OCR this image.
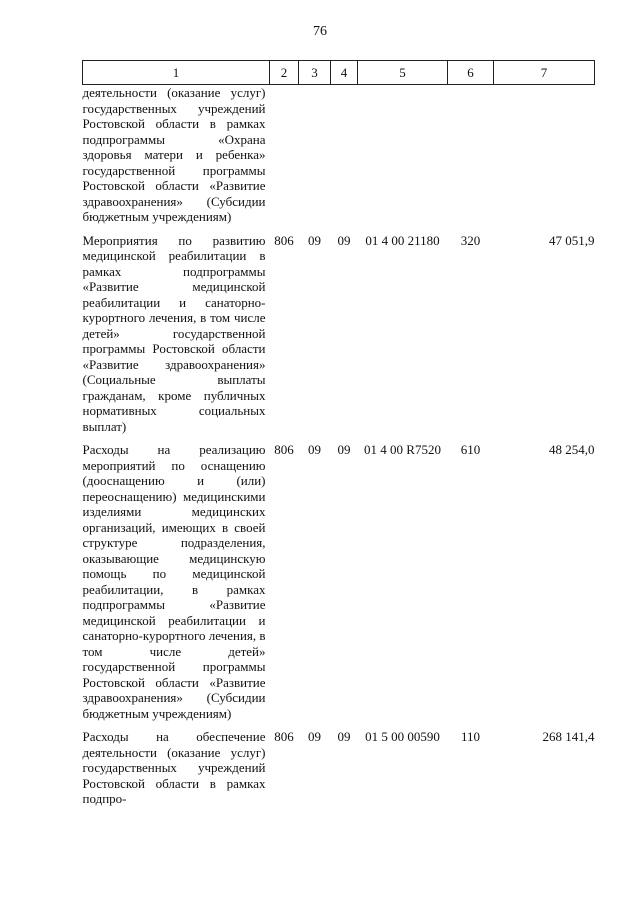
76
1	2	3	4	5	6	7
деятельности (оказание услуг) государственных учреждений Ростовской области в рамках подпрограммы «Охрана здоровья матери и ребенка» государственной программы Ростовской области «Развитие здравоохранения» (Субсидии бюджетным учреждениям)						

Мероприятия по развитию медицинской реабилитации в рамках подпрограммы «Развитие медицинской реабилитации и санаторно-курортного лечения, в том числе детей» государственной программы Ростовской области «Развитие здравоохранения» (Социальные выплаты гражданам, кроме публичных нормативных социальных выплат)	806	09	09	01 4 00 21180	320	47 051,9

Расходы на реализацию мероприятий по оснащению (дооснащению и (или) переоснащению) медицинскими изделиями медицинских организаций, имеющих в своей структуре подразделения, оказывающие медицинскую помощь по медицинской реабилитации, в рамках подпрограммы «Развитие медицинской реабилитации и санаторно-курортного лечения, в том числе детей» государственной программы Ростовской области «Развитие здравоохранения» (Субсидии бюджетным учреждениям)	806	09	09	01 4 00 R7520	610	48 254,0

Расходы на обеспечение деятельности (оказание услуг) государственных учреждений Ростовской области в рамках подпро-	806	09	09	01 5 00 00590	110	268 141,4
